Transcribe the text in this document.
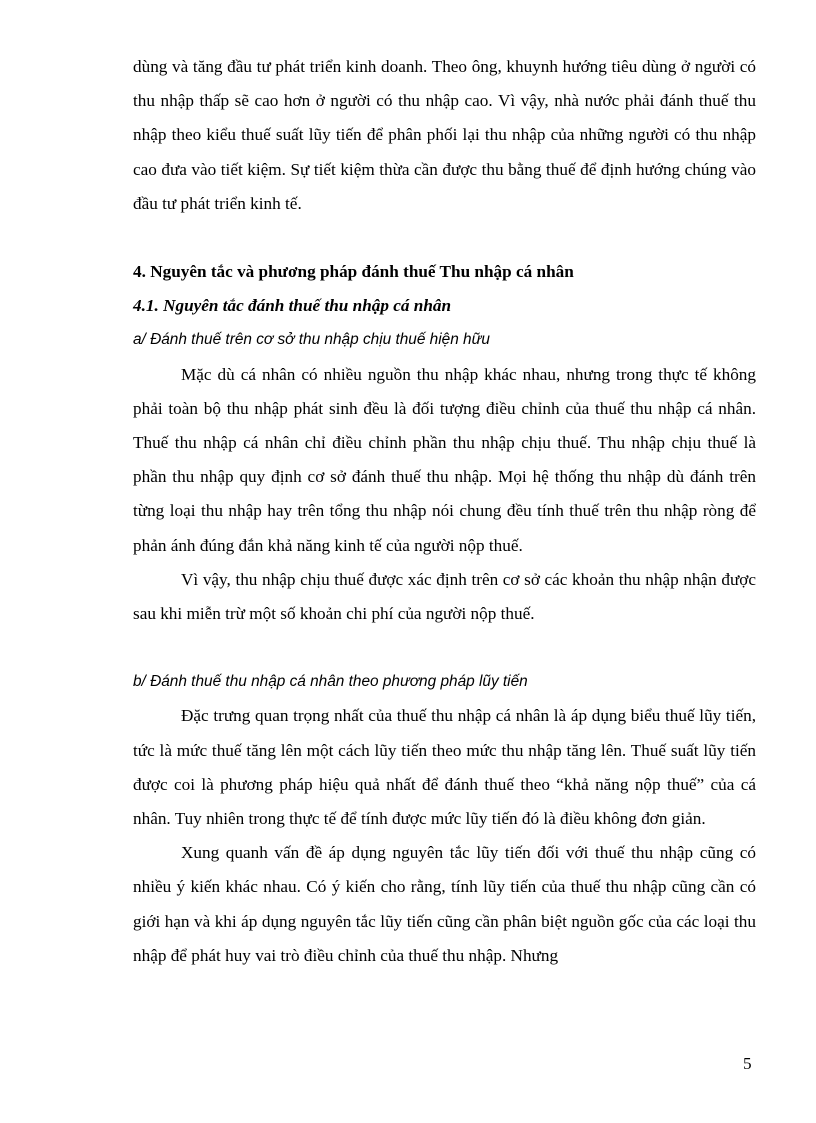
dùng và tăng đầu tư phát triển kinh doanh. Theo ông, khuynh hướng tiêu dùng ở người có thu nhập thấp sẽ cao hơn ở người có thu nhập cao. Vì vậy, nhà nước phải đánh thuế thu nhập theo kiểu thuế suất lũy tiến để phân phối lại thu nhập của những người có thu nhập cao đưa vào tiết kiệm. Sự tiết kiệm thừa cần được thu bằng thuế để định hướng chúng vào đầu tư phát triển kinh tế.

4. Nguyên tắc và phương pháp đánh thuế Thu nhập cá nhân

4.1. Nguyên tắc đánh thuế thu nhập cá nhân

a/ Đánh thuế trên cơ sở thu nhập chịu thuế hiện hữu

Mặc dù cá nhân có nhiều nguồn thu nhập khác nhau, nhưng trong thực tế không phải toàn bộ thu nhập phát sinh đều là đối tượng điều chỉnh của thuế thu nhập cá nhân. Thuế thu nhập cá nhân chỉ điều chỉnh phần thu nhập chịu thuế. Thu nhập chịu thuế là phần thu nhập quy định cơ sở đánh thuế thu nhập. Mọi hệ thống thu nhập dù đánh trên từng loại thu nhập hay trên tổng thu nhập nói chung đều tính thuế trên thu nhập ròng để phản ánh đúng đắn khả năng kinh tế của người nộp thuế.

Vì vậy, thu nhập chịu thuế được xác định trên cơ sở các khoản thu nhập nhận được sau khi miễn trừ một số khoản chi phí của người nộp thuế.

b/ Đánh thuế thu nhập cá nhân theo phương pháp lũy tiến

Đặc trưng quan trọng nhất của thuế thu nhập cá nhân là áp dụng biểu thuế lũy tiến, tức là mức thuế tăng lên một cách lũy tiến theo mức thu nhập tăng lên. Thuế suất lũy tiến được coi là phương pháp hiệu quả nhất để đánh thuế theo “khả năng nộp thuế” của cá nhân. Tuy nhiên trong thực tế để tính được mức lũy tiến đó là điều không đơn giản.

Xung quanh vấn đề áp dụng nguyên tắc lũy tiến đối với thuế thu nhập cũng có nhiều ý kiến khác nhau. Có ý kiến cho rằng, tính lũy tiến của thuế thu nhập cũng cần có giới hạn và khi áp dụng nguyên tắc lũy tiến cũng cần phân biệt nguồn gốc của các loại thu nhập để phát huy vai trò điều chỉnh của thuế thu nhập. Nhưng

5
